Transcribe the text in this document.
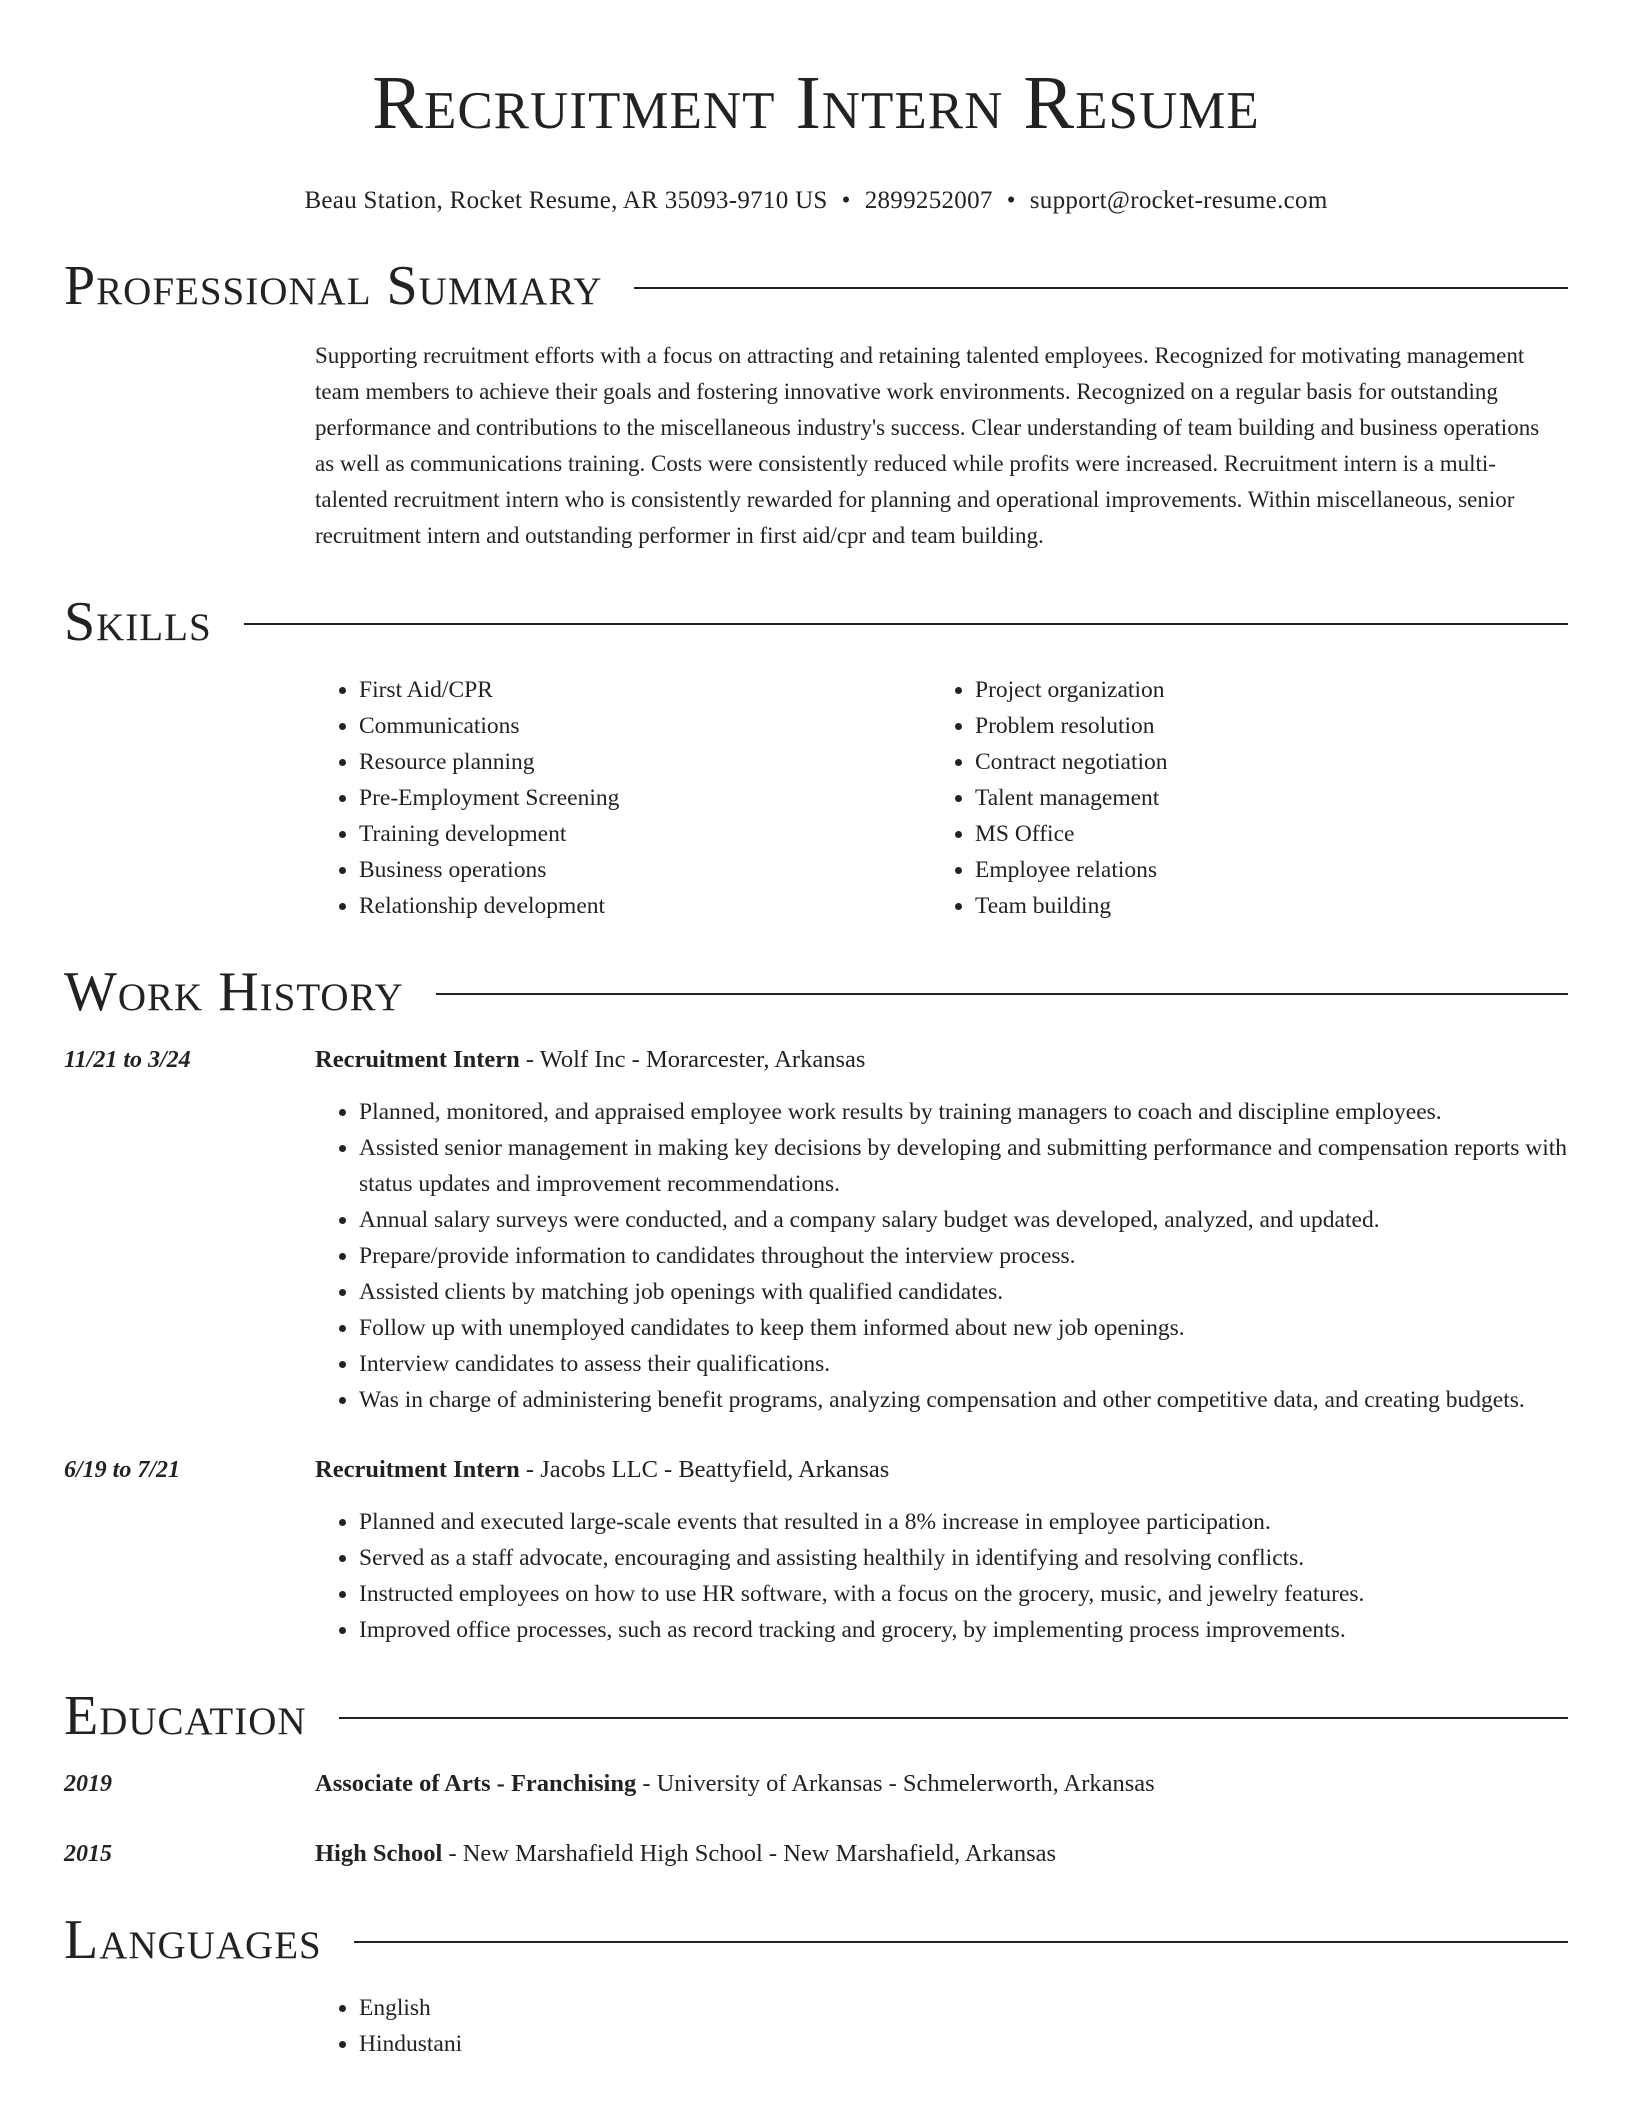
Recruitment Intern Resume
Beau Station, Rocket Resume, AR 35093-9710 US • 2899252007 • support@rocket-resume.com
Professional Summary
Supporting recruitment efforts with a focus on attracting and retaining talented employees. Recognized for motivating management team members to achieve their goals and fostering innovative work environments. Recognized on a regular basis for outstanding performance and contributions to the miscellaneous industry's success. Clear understanding of team building and business operations as well as communications training. Costs were consistently reduced while profits were increased. Recruitment intern is a multi-talented recruitment intern who is consistently rewarded for planning and operational improvements. Within miscellaneous, senior recruitment intern and outstanding performer in first aid/cpr and team building.
Skills
• First Aid/CPR
• Communications
• Resource planning
• Pre-Employment Screening
• Training development
• Business operations
• Relationship development
• Project organization
• Problem resolution
• Contract negotiation
• Talent management
• MS Office
• Employee relations
• Team building
Work History
11/21 to 3/24	Recruitment Intern - Wolf Inc - Morarcester, Arkansas
• Planned, monitored, and appraised employee work results by training managers to coach and discipline employees.
• Assisted senior management in making key decisions by developing and submitting performance and compensation reports with status updates and improvement recommendations.
• Annual salary surveys were conducted, and a company salary budget was developed, analyzed, and updated.
• Prepare/provide information to candidates throughout the interview process.
• Assisted clients by matching job openings with qualified candidates.
• Follow up with unemployed candidates to keep them informed about new job openings.
• Interview candidates to assess their qualifications.
• Was in charge of administering benefit programs, analyzing compensation and other competitive data, and creating budgets.
6/19 to 7/21	Recruitment Intern - Jacobs LLC - Beattyfield, Arkansas
• Planned and executed large-scale events that resulted in a 8% increase in employee participation.
• Served as a staff advocate, encouraging and assisting healthily in identifying and resolving conflicts.
• Instructed employees on how to use HR software, with a focus on the grocery, music, and jewelry features.
• Improved office processes, such as record tracking and grocery, by implementing process improvements.
Education
2019	Associate of Arts - Franchising - University of Arkansas - Schmelerworth, Arkansas
2015	High School - New Marshafield High School - New Marshafield, Arkansas
Languages
• English
• Hindustani
